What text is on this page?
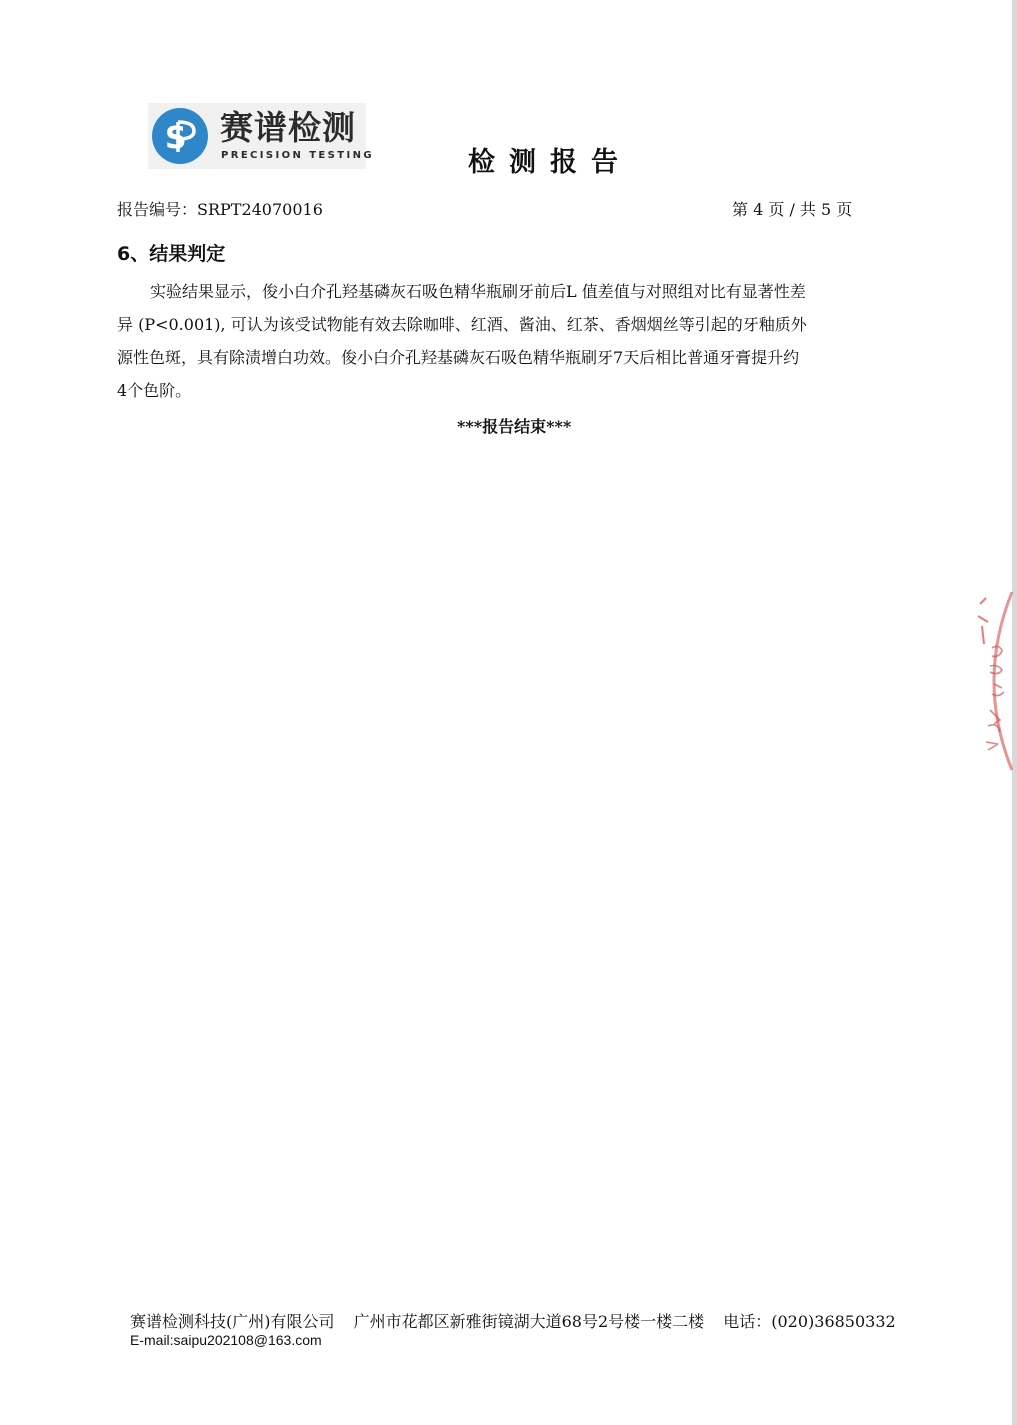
S 赛谱检测
PRECISION TESTING	检测报告
报告编号：SRPT24070016	第 4 页 / 共 5 页
6、结果判定
实验结果显示，俊小白介孔羟基磷灰石吸色精华瓶刷牙前后L 值差值与对照组对比有显著性差
异 (P<0.001), 可认为该受试物能有效去除咖啡、红酒、酱油、红茶、香烟烟丝等引起的牙釉质外
源性色斑，具有除渍增白功效。俊小白介孔羟基磷灰石吸色精华瓶刷牙7天后相比普通牙膏提升约
4个色阶。
***报告结束***
赛谱检测科技(广州)有限公司 广州市花都区新雅街镜湖大道68号2号楼一楼二楼 电话：(020)36850332
E-mail:saipu202108@163.com
